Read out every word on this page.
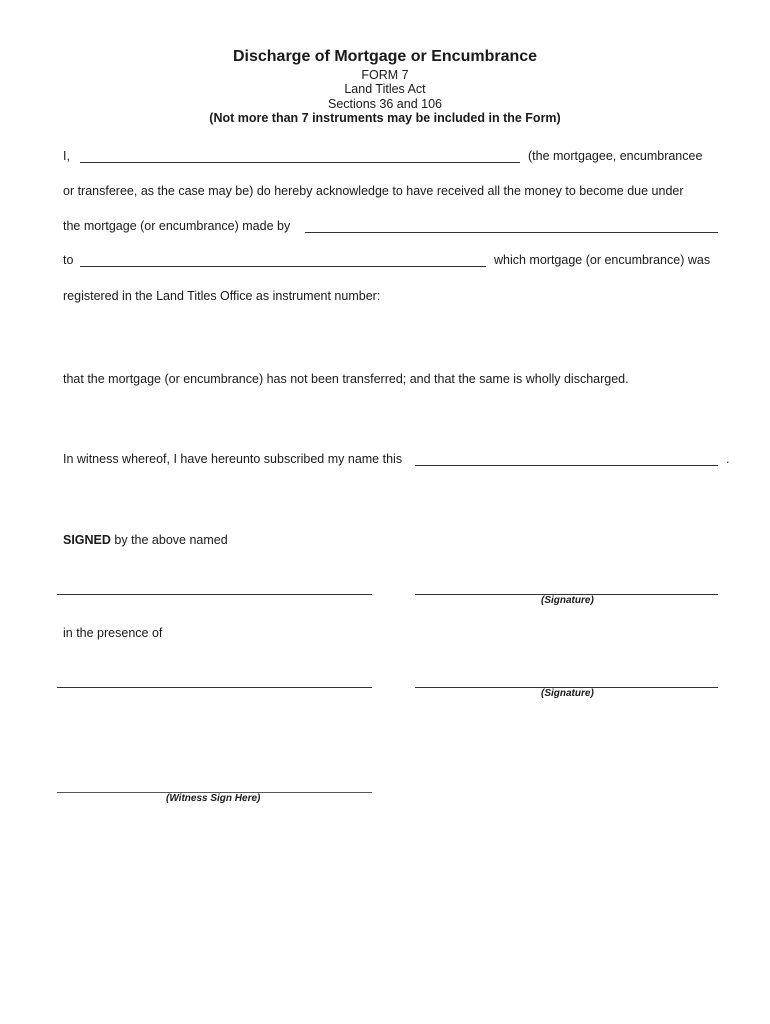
Discharge of Mortgage or Encumbrance
FORM 7
Land Titles Act
Sections 36 and 106
(Not more than 7 instruments may be included in the Form)
I,	(the mortgagee, encumbrancee
or transferee, as the case may be) do hereby acknowledge to have received all the money to become due under
the mortgage (or encumbrance) made by
to	which mortgage (or encumbrance) was
registered in the Land Titles Office as instrument number:
that the mortgage (or encumbrance) has not been transferred; and that the same is wholly discharged.
In witness whereof, I have hereunto subscribed my name this	.
SIGNED by the above named
(Signature)
in the presence of
(Signature)
(Witness Sign Here)
